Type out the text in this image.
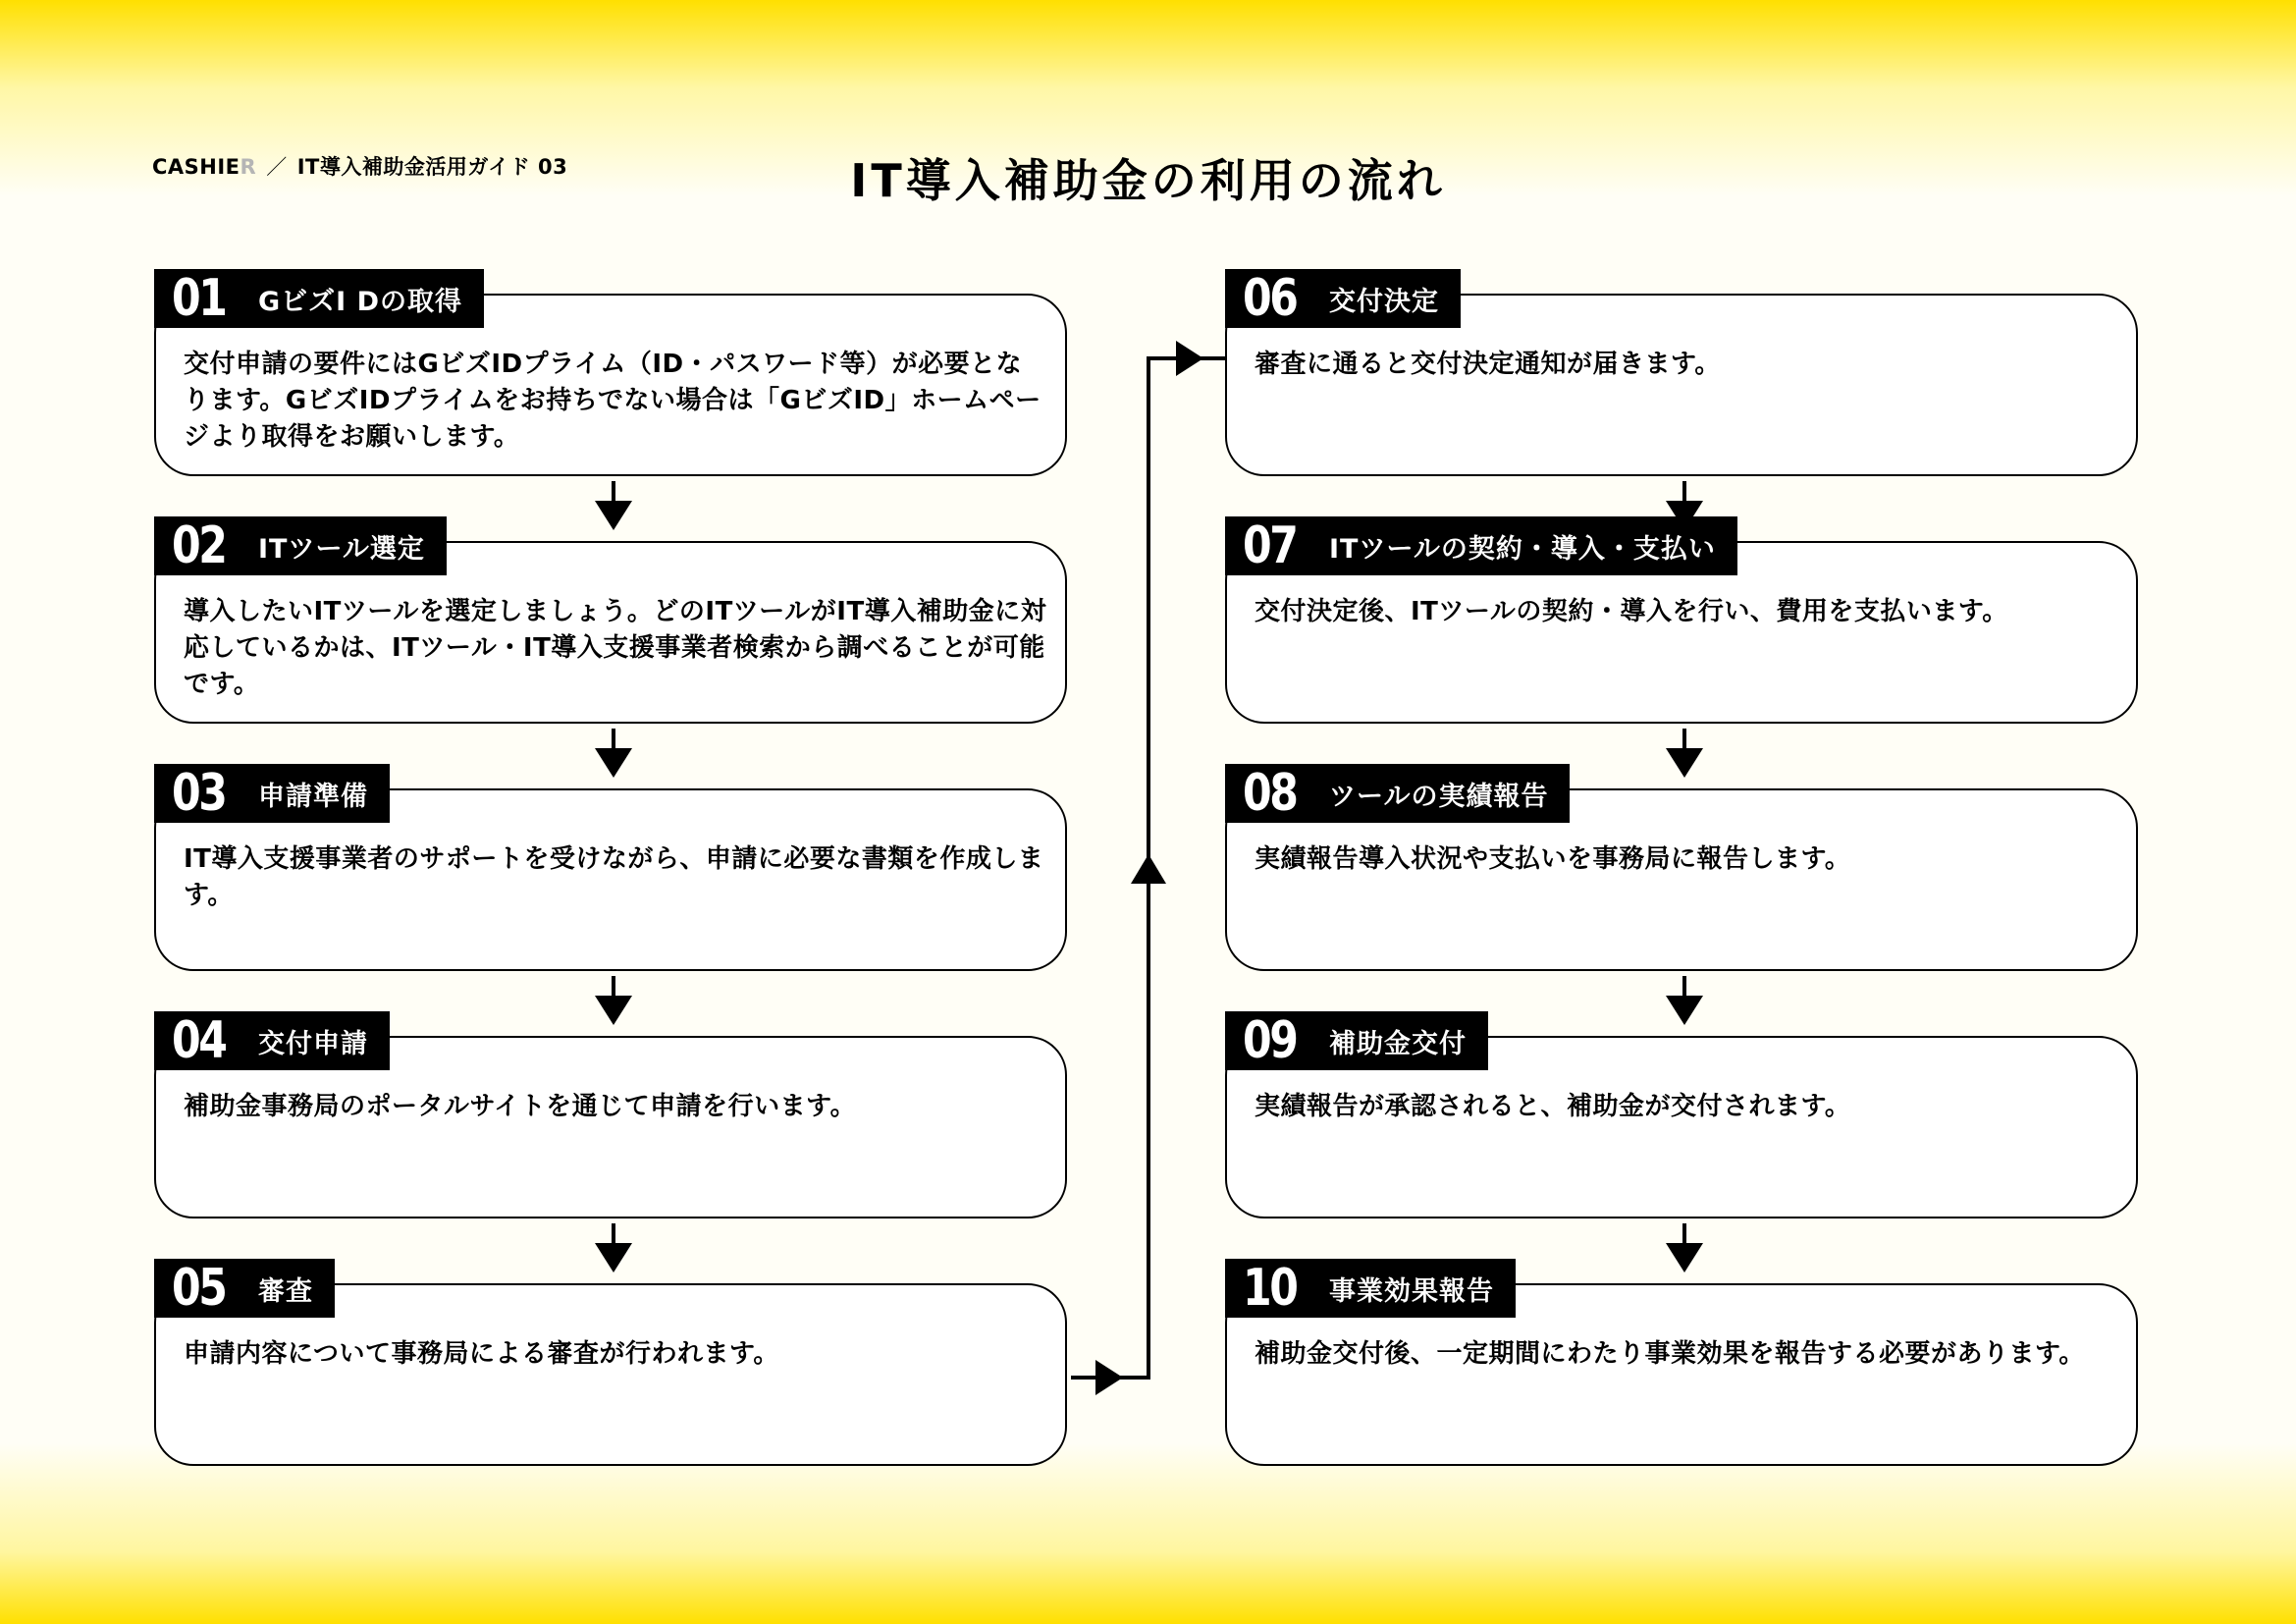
CASHIER ／ IT導入補助金活用ガイド 03	IT導入補助金の利用の流れ
交付申請の要件にはGビズIDプライム（ID・パスワード等）が必要となります。GビズIDプライムをお持ちでない場合は「GビズID」ホームページより取得をお願いします。
01 GビズI Dの取得
導入したいITツールを選定しましょう。どのITツールがIT導入補助金に対応しているかは、ITツール・IT導入支援事業者検索から調べることが可能です。
02 ITツール選定
IT導入支援事業者のサポートを受けながら、申請に必要な書類を作成します。
03 申請準備
補助金事務局のポータルサイトを通じて申請を行います。
04 交付申請
申請内容について事務局による審査が行われます。
05 審査
審査に通ると交付決定通知が届きます。
06 交付決定
交付決定後、ITツールの契約・導入を行い、費用を支払います。
07 ITツールの契約・導入・支払い
実績報告導入状況や支払いを事務局に報告します。
08 ツールの実績報告
実績報告が承認されると、補助金が交付されます。
09 補助金交付
補助金交付後、一定期間にわたり事業効果を報告する必要があります。
10 事業効果報告
